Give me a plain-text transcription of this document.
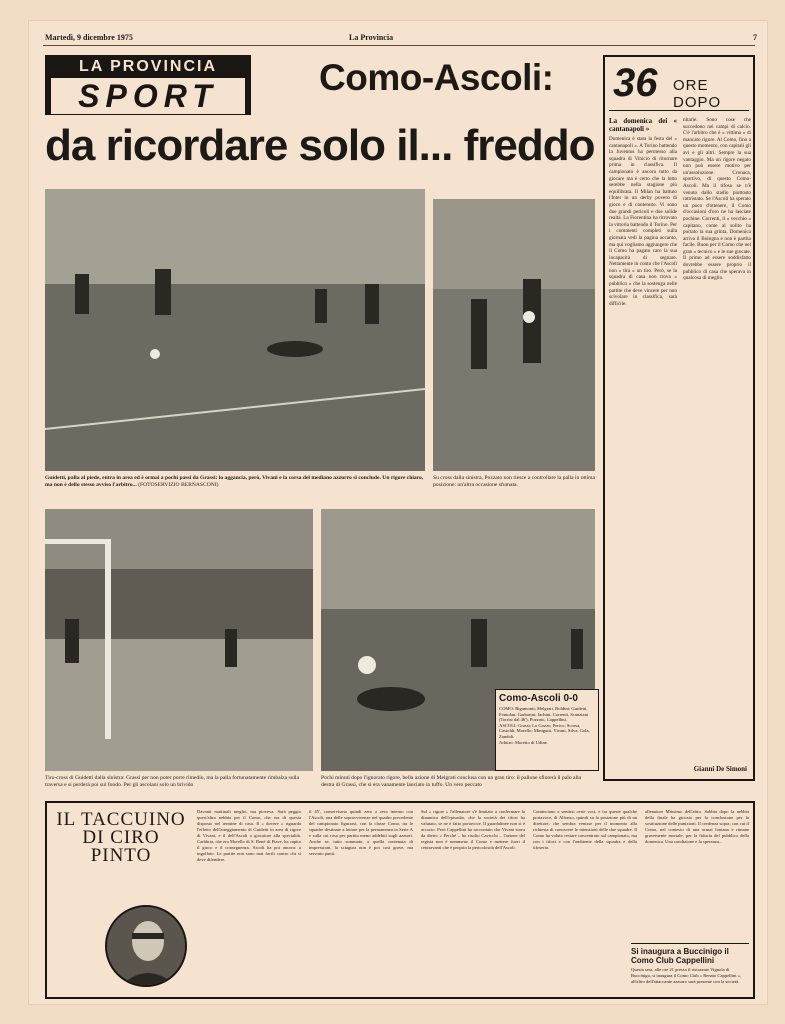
Martedì, 9 dicembre 1975	La Provincia	7
LA PROVINCIA
SPORT	Como-Ascoli:
da ricordare solo il... freddo
Guidetti, palla al piede, entra in area ed è ormai a pochi passi da Grassi: lo aggancia, però, Vivani e la corsa del mediano azzurro si conclude. Un rigore chiaro, ma non è dello stesso avviso l'arbitro... (FOTOSERVIZIO BERNASCONI)
Su cross dalla sinistra, Pozzato non riesce a controllare la palla in ottima posizione: un'altra occasione sfumata.
Como-Ascoli 0-0
COMO: Rigamonti; Melgrati, Boldini; Guidetti, Fontolan, Garbarini; Iachini, Correnti, Scanziani (Torrisi dal 46'), Pozzato, Cappellini.
ASCOLI: Grassi; Lo Gozzo, Perico; Scorsa, Castoldi, Morello; Minigutti, Vivani, Silva, Gola, Zandoli.
Arbitro: Moretto di Udine.
Tiro-cross di Guidetti dalla sinistra: Grassi per non poter porre rimedio, ma la palla fortunatamente rimbalza sulla traversa e si perderà poi sul fondo. Per gli ascolani solo un brivido
Pochi minuti dopo l'ignorato rigore, bella azione di Melgrati conclusa con un gran tiro: il pallone sfiorerà il palo alla destra di Grassi, che si era vanamente lanciato in tuffo. Un vero peccato
36 ORE DOPO
La domenica dei « cantanapoli »
Domenica è stata la festa del « cantanapoli ». A Torino battendo la Juventus ha permesso alla squadra di Vinicio di ritornare prima in classifica. Il campionato è ancora tutto da giocare ma è certo che la lotto serebbe nella stagione più equilibrata. Il Milan ha battuto l'Inter in un derby povero di gioco e di contenuto. Vi sono due grandi pericoli e due solide realtà. La Fiorentina ha ritrovato la vittoria battendo il Torino. Per i commenti completi sulla giornata vedi la pagina accanto, ma qui vogliamo aggiungere che il Como ha pagato caro la sua incapacità di segnare. Nettamente in conto che l'Ascoli non « tira » un tiro. Però, se la squadra di casa non trova « pubblico » che la sostenga nelle partite che deve vincere per non scivolare in classifica, sarà difficile.
nitarie. Sono cose che succedono nei campi di calcio. C'è l'arbitro che è « vittima » di mancato rigore. Al Como, fino a questo momento, con capitali gli avi e gli altri. Sempre la sua vantaggio. Ma un rigore negato non può essere motivo per un'assoluzione. Cronaca, sportivo, di questo Como-Ascoli. Ma il tifoso se n'è venuto dallo stadio piuttosto rattristato. Se l'Ascoli ha sperato un poco d'ottenere, il Como d'occasioni d'oro ne ha lasciate pochine. Correnti, il « vecchio » capitano, come al solito ha portato la sua grinta. Domenica arriva il Bologna e non è partita facile. Buon per il Como che nel gran « tecnico » e le sue giocate. Il primo ad essere soddisfatto dovrebbe essere proprio il pubblico di casa che sperava in qualcosa di meglio.
Gianni De Simoni
IL TACCUINO DI CIRO PINTO
Davanti mattinali meglio, ma pioveva. Sarà peggio quest'altra nebbia per il Como, che era di questa disposto nel termine di casa. Il « dovere » riguarda l'effetto dell'atteggiamento di Guidetti in area di rigore di Vivani, e il dell'Ascoli a giocatore alla specialità. Carbbria, che era Morello di S. René di Piave, ha capito il gioco e il conseguenza. Ascoli ha poi ancora: a ingolfato. Le partite non sono mai facili contro chi si deve difendere.
il 45', conservismo quindi zero a zero interno con l'Ascoli, una delle sopravvivenze nel quadro precedente del campionato figurarsi, con la classe Como, tra le squadre destinate a lottare per la permanenza in Serie A e sulla cui rosa per partita meno addebiti sugli azzurri. Anche se, tutto sommato, a quella contenuta di impressioni, la sciagura non è poi così grave, ma servono punti.
Sul « rigore » l'allenatore s'è limitato a confermare la dinamica dell'episodio, che la società dei tifosi ha valutato, se ne è fatto portavoce. Il guardalinee non si è accorto. Però Cappellini ha raccontato che Vivani stava da dietro « Perché – ha risolto Cavicchi – l'azione del regista non è nemmeno il Como e mettere fuori il centravanti che è proprio la pericolosità dell'Ascoli.
Cominciano a sentirsi certe voci, e tra queste qualche portavoce, di Alfonso, quindi su la posizione più di un direttore, che sembra venisse per il momento alla richiesta di conoscere le intenzioni delle due squadre. Il Como ha voluto restare concentrato sul campionato, ma con i tifosi e con l'ambiente della squadra e della tifoseria.
allenatore Massimo dell'altro. Sabbia dopo la nebbia della finale ha giocato per la conclusione per la sostituzione delle punizioni. Il credenza sopra, con cui il Como, nel contesto di una ormai lontana e rimane gravemente mortale, per la fiducia del pubblico della domenica. Una condizione e la speranza...
Si inaugura a Buccinigo il Como Club Cappellini
Questa sera, alle ore 21 presso il ristorante Vignola di Buccinigo, si inaugura il Como Club « Renato Cappellini », all'altro dell'attaccante azzurro sarà presente con la società.
